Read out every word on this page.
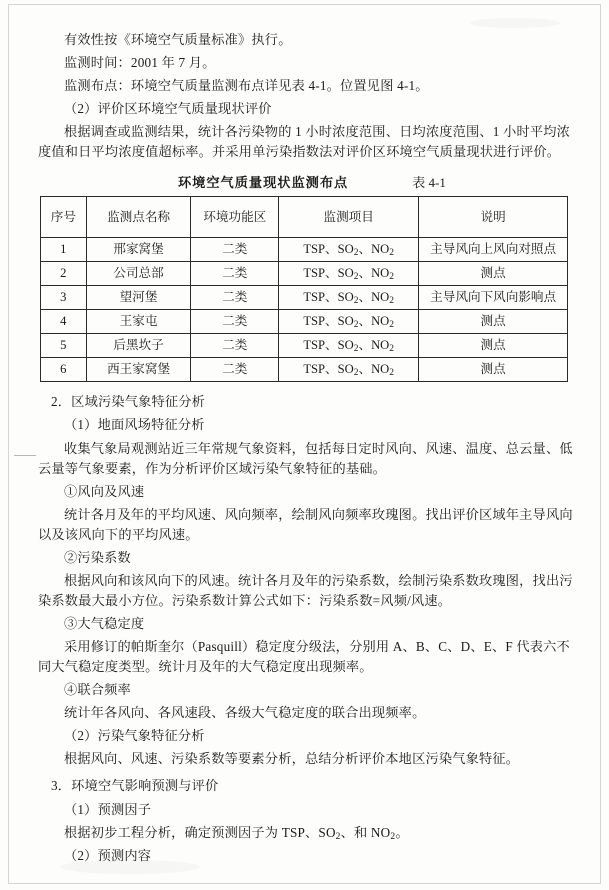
有效性按《环境空气质量标准》执行。

监测时间：2001 年 7 月。

监测布点：环境空气质量监测布点详见表 4-1。位置见图 4-1。

（2）评价区环境空气质量现状评价

根据调查或监测结果，统计各污染物的 1 小时浓度范围、日均浓度范围、1 小时平均浓度值和日平均浓度值超标率。并采用单污染指数法对评价区环境空气质量现状进行评价。

环境空气质量现状监测布点	表 4-1
序号	监测点名称	环境功能区	监测项目	说明
1	邢家窝堡	二类	TSP、$SO_2$、$NO_2$	主导风向上风向对照点
2	公司总部	二类	TSP、$SO_2$、$NO_2$	测点
3	望河堡	二类	TSP、$SO_2$、$NO_2$	主导风向下风向影响点
4	王家屯	二类	TSP、$SO_2$、$NO_2$	测点
5	后黑坎子	二类	TSP、$SO_2$、$NO_2$	测点
6	西王家窝堡	二类	TSP、$SO_2$、$NO_2$	测点

2．区域污染气象特征分析

（1）地面风场特征分析

收集气象局观测站近三年常规气象资料，包括每日定时风向、风速、温度、总云量、低云量等气象要素，作为分析评价区域污染气象特征的基础。

①风向及风速

统计各月及年的平均风速、风向频率，绘制风向频率玫瑰图。找出评价区域年主导风向以及该风向下的平均风速。

②污染系数

根据风向和该风向下的风速。统计各月及年的污染系数，绘制污染系数玫瑰图，找出污染系数最大最小方位。污染系数计算公式如下：污染系数=风频/风速。

③大气稳定度

采用修订的帕斯奎尔（Pasquill）稳定度分级法，分别用 A、B、C、D、E、F 代表六不同大气稳定度类型。统计月及年的大气稳定度出现频率。

④联合频率

统计年各风向、各风速段、各级大气稳定度的联合出现频率。

（2）污染气象特征分析

根据风向、风速、污染系数等要素分析，总结分析评价本地区污染气象特征。

3．环境空气影响预测与评价

（1）预测因子

根据初步工程分析，确定预测因子为 TSP、$SO_2$、和 $NO_2$。

（2）预测内容
